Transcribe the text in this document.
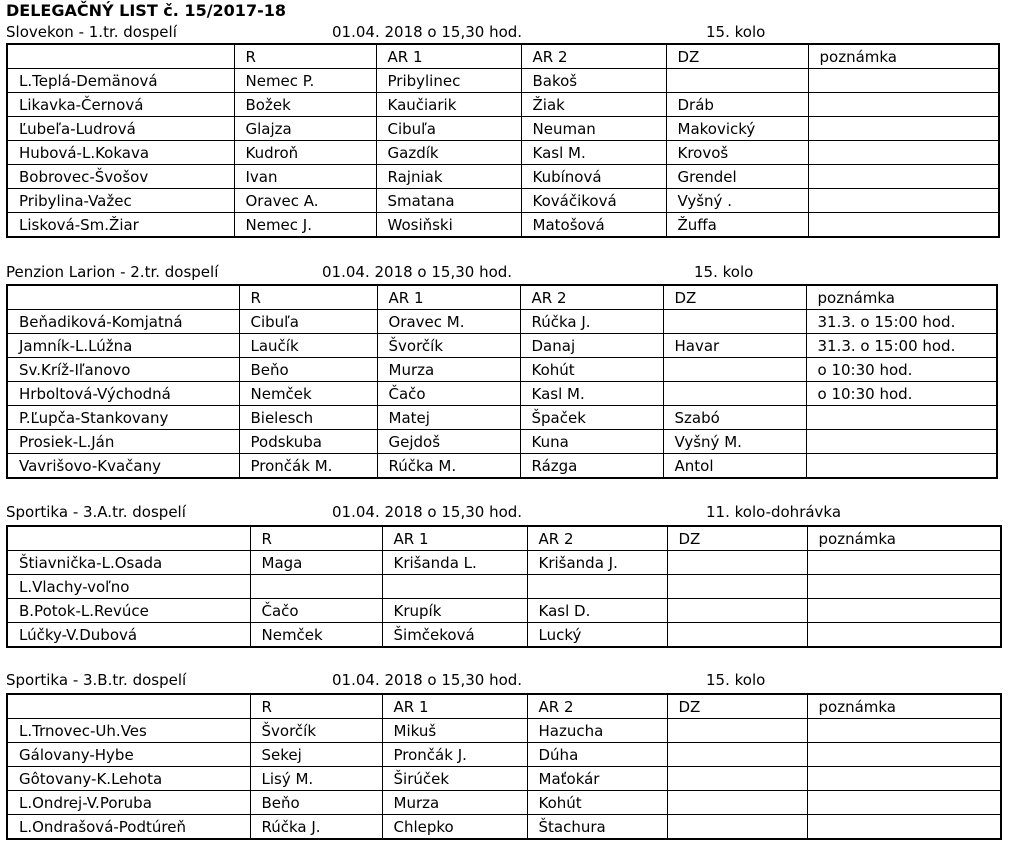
DELEGAČNÝ LIST č. 15/2017-18
Slovekon - 1.tr. dospelí	01.04. 2018 o 15,30 hod.	15. kolo
	R	AR 1	AR 2	DZ	poznámka
L.Teplá-Demänová	Nemec P.	Pribylinec	Bakoš		
Likavka-Černová	Božek	Kaučiarik	Žiak	Dráb	
Ľubeľa-Ludrová	Glajza	Cibuľa	Neuman	Makovický	
Hubová-L.Kokava	Kudroň	Gazdík	Kasl M.	Krovoš	
Bobrovec-Švošov	Ivan	Rajniak	Kubínová	Grendel	
Pribylina-Važec	Oravec A.	Smatana	Kováčiková	Vyšný .	
Lisková-Sm.Žiar	Nemec J.	Wosiňski	Matošová	Žuffa	
Penzion Larion - 2.tr. dospelí	01.04. 2018 o 15,30 hod.	15. kolo
	R	AR 1	AR 2	DZ	poznámka
Beňadiková-Komjatná	Cibuľa	Oravec M.	Rúčka J.		31.3. o 15:00 hod.
Jamník-L.Lúžna	Laučík	Švorčík	Danaj	Havar	31.3. o 15:00 hod.
Sv.Kríž-Iľanovo	Beňo	Murza	Kohút		o 10:30 hod.
Hrboltová-Východná	Nemček	Čačo	Kasl M.		o 10:30 hod.
P.Ľupča-Stankovany	Bielesch	Matej	Špaček	Szabó	
Prosiek-L.Ján	Podskuba	Gejdoš	Kuna	Vyšný M.	
Vavrišovo-Kvačany	Prončák M.	Rúčka M.	Rázga	Antol	
Sportika - 3.A.tr. dospelí	01.04. 2018 o 15,30 hod.	11. kolo-dohrávka
	R	AR 1	AR 2	DZ	poznámka
Štiavnička-L.Osada	Maga	Krišanda L.	Krišanda J.		
L.Vlachy-voľno					
B.Potok-L.Revúce	Čačo	Krupík	Kasl D.		
Lúčky-V.Dubová	Nemček	Šimčeková	Lucký		
Sportika - 3.B.tr. dospelí	01.04. 2018 o 15,30 hod.	15. kolo
	R	AR 1	AR 2	DZ	poznámka
L.Trnovec-Uh.Ves	Švorčík	Mikuš	Hazucha		
Gálovany-Hybe	Sekej	Prončák J.	Dúha		
Gôtovany-K.Lehota	Lisý M.	Širúček	Maťokár		
L.Ondrej-V.Poruba	Beňo	Murza	Kohút		
L.Ondrašová-Podtúreň	Rúčka J.	Chlepko	Štachura		
